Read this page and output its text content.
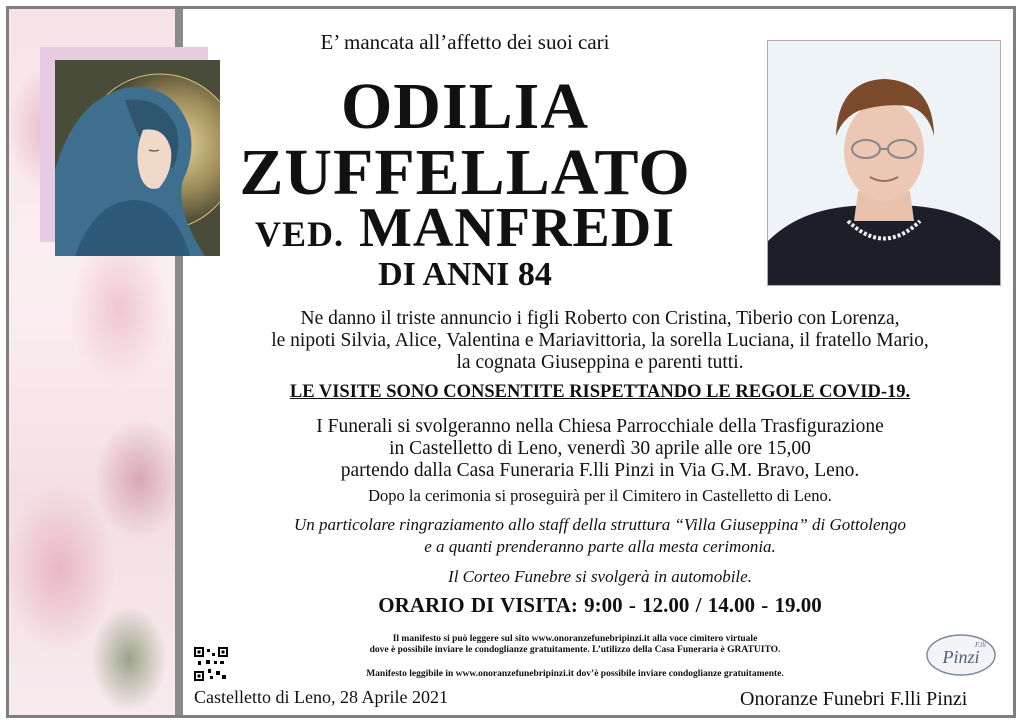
E’ mancata all’affetto dei suoi cari
ODILIA
ZUFFELLATO
VED. MANFREDI
DI ANNI 84
Ne danno il triste annuncio i figli Roberto con Cristina, Tiberio con Lorenza,
le nipoti Silvia, Alice, Valentina e Mariavittoria, la sorella Luciana, il fratello Mario,
la cognata Giuseppina e parenti tutti.
LE VISITE SONO CONSENTITE RISPETTANDO LE REGOLE COVID-19.
I Funerali si svolgeranno nella Chiesa Parrocchiale della Trasfigurazione
in Castelletto di Leno, venerdì 30 aprile alle ore 15,00
partendo dalla Casa Funeraria F.lli Pinzi in Via G.M. Bravo, Leno.
Dopo la cerimonia si proseguirà per il Cimitero in Castelletto di Leno.
Un particolare ringraziamento allo staff della struttura “Villa Giuseppina” di Gottolengo
e a quanti prenderanno parte alla mesta cerimonia.
Il Corteo Funebre si svolgerà in automobile.
ORARIO DI VISITA: 9:00 - 12.00 / 14.00 - 19.00
Il manifesto si può leggere sul sito www.onoranzefunebripinzi.it alla voce cimitero virtuale
dove è possibile inviare le condoglianze gratuitamente. L’utilizzo della Casa Funeraria è GRATUITO.
Manifesto leggibile in www.onoranzefunebripinzi.it dov’è possibile inviare condoglianze gratuitamente.
Castelletto di Leno, 28 Aprile 2021	Onoranze Funebri F.lli Pinzi
F.lli
Pinzi
